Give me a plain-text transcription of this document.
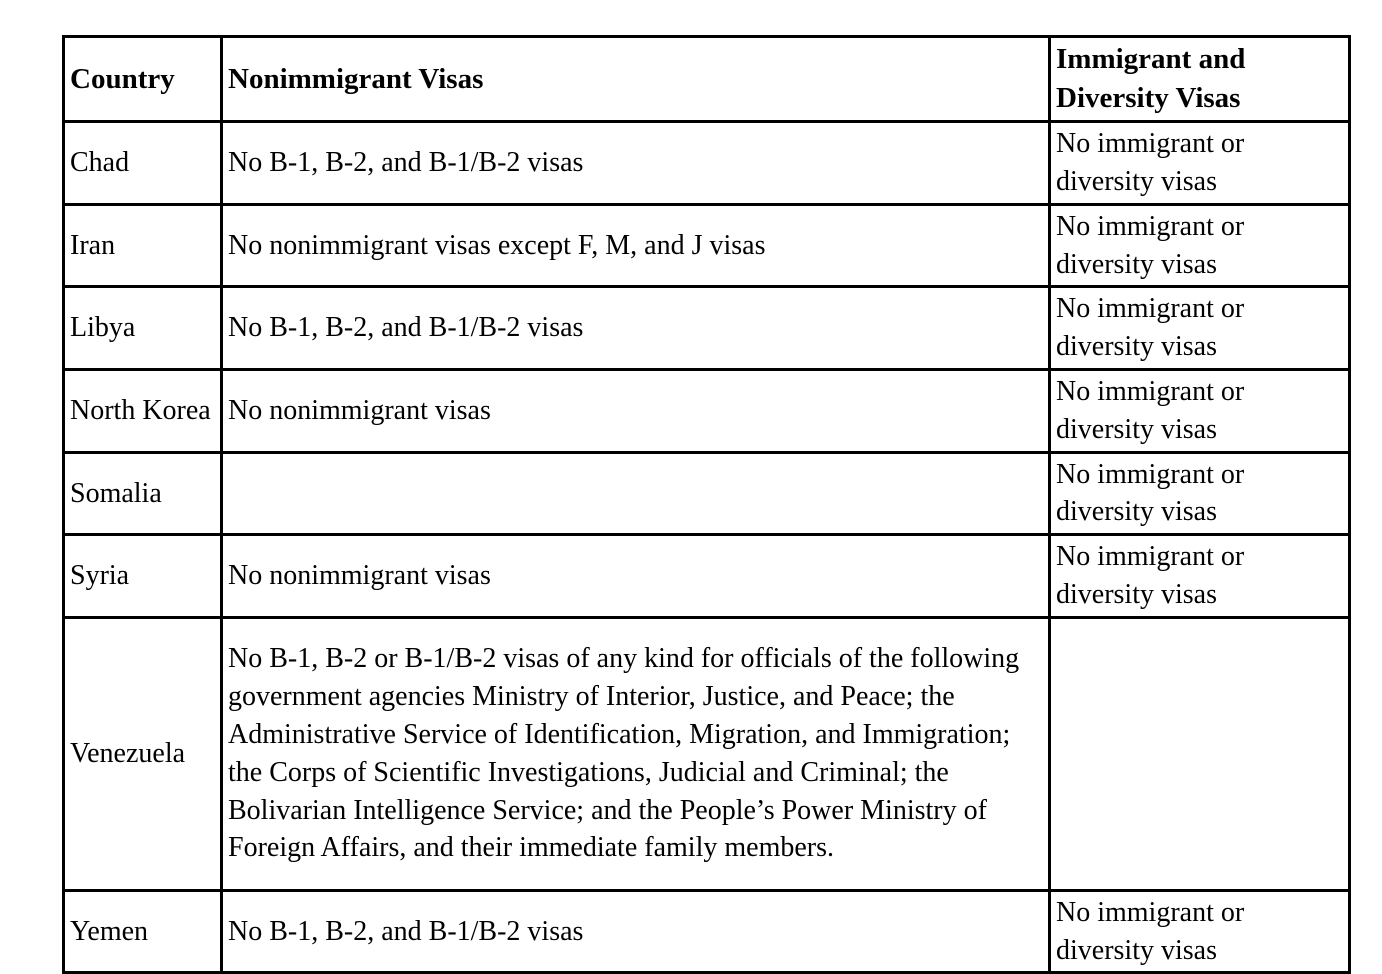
Country	Nonimmigrant Visas	Immigrant and Diversity Visas
Chad	No B-1, B-2, and B-1/B-2 visas	No immigrant or diversity visas
Iran	No nonimmigrant visas except F, M, and J visas	No immigrant or diversity visas
Libya	No B-1, B-2, and B-1/B-2 visas	No immigrant or diversity visas
North Korea	No nonimmigrant visas	No immigrant or diversity visas
Somalia		No immigrant or diversity visas
Syria	No nonimmigrant visas	No immigrant or diversity visas
Venezuela	No B-1, B-2 or B-1/B-2 visas of any kind for officials of the following government agencies Ministry of Interior, Justice, and Peace; the Administrative Service of Identification, Migration, and Immigration; the Corps of Scientific Investigations, Judicial and Criminal; the Bolivarian Intelligence Service; and the People’s Power Ministry of Foreign Affairs, and their immediate family members.	
Yemen	No B-1, B-2, and B-1/B-2 visas	No immigrant or diversity visas
